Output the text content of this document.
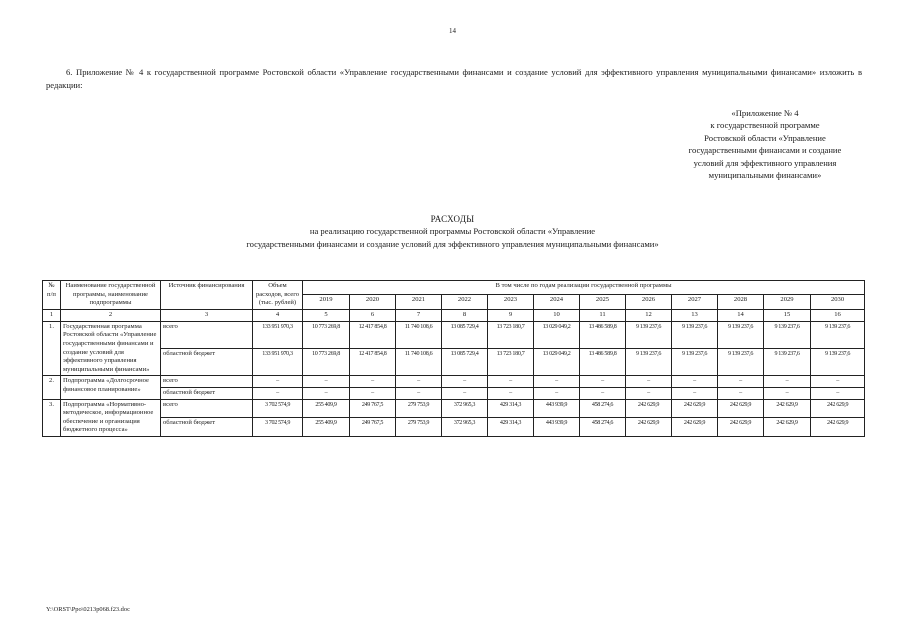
14
6. Приложение № 4 к государственной программе Ростовской области «Управление государственными финансами и создание условий для эффективного управления муниципальными финансами» изложить в редакции:
«Приложение № 4
к государственной программе
Ростовской области «Управление
государственными финансами и создание
условий для эффективного управления
муниципальными финансами»
РАСХОДЫ
на реализацию государственной программы Ростовской области «Управление
государственными финансами и создание условий для эффективного управления муниципальными финансами»
№ п/п	Наименование государственной программы, наименование подпрограммы	Источник финансирования	Объем расходов, всего (тыс. рублей)	В том числе по годам реализации государственной программы											
				2019	2020	2021	2022	2023	2024	2025	2026	2027	2028	2029	2030
1	2	3	4	5	6	7	8	9	10	11	12	13	14	15	16
1.	Государственная программа Ростовской области «Управление государственными финансами и создание условий для эффективного управления муниципальными финансами»	всего	133 951 970,3	10 773 269,8	12 417 854,8	11 740 108,6	13 085 729,4	13 723 180,7	13 029 049,2	13 486 589,8	9 139 237,6	9 139 237,6	9 139 237,6	9 139 237,6	9 139 237,6
		областной бюджет	133 951 970,3	10 773 269,8	12 417 854,8	11 740 108,6	13 085 729,4	13 723 180,7	13 029 049,2	13 486 589,8	9 139 237,6	9 139 237,6	9 139 237,6	9 139 237,6	9 139 237,6
2.	Подпрограмма «Долгосрочное финансовое планирование»	всего	–	–	–	–	–	–	–	–	–	–	–	–	–
		областной бюджет	–	–	–	–	–	–	–	–	–	–	–	–	–
3.	Подпрограмма «Нормативно-методическое, информационное обеспечение и организация бюджетного процесса»	всего	3 702 574,9	255 409,9	249 767,5	279 753,9	372 965,3	429 314,3	443 939,9	458 274,6	242 629,9	242 629,9	242 629,9	242 629,9	242 629,9
		областной бюджет	3 702 574,9	255 409,9	249 767,5	279 753,9	372 965,3	429 314,3	443 939,9	458 274,6	242 629,9	242 629,9	242 629,9	242 629,9	242 629,9
Y:\ORST\Ppo\0213p068.f23.doc
